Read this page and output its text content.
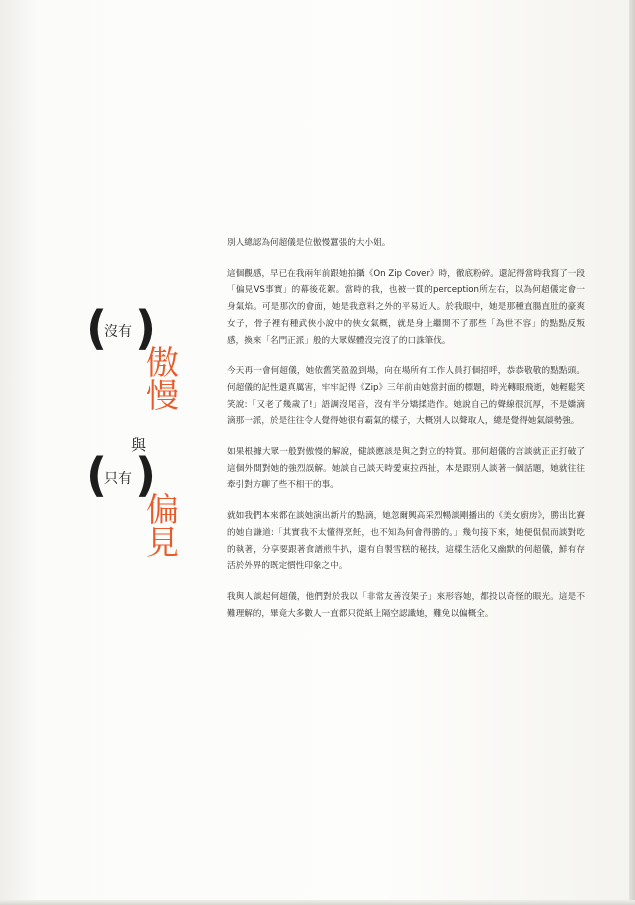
(
沒有 )
傲慢
與
(
只有 )
偏見

別人總認為何超儀是位傲慢囂張的大小姐。

這個觀感，早已在我兩年前跟她拍攝《On Zip Cover》時，徹底粉碎。還記得當時我寫了一段「偏見VS事實」的幕後花絮。當時的我，也被一貫的perception所左右，以為何超儀定會一身氣焰。可是那次的會面，她是我意料之外的平易近人。於我眼中，她是那種直腸直肚的豪爽女子，骨子裡有種武俠小說中的俠女氣概，就是身上繼開不了那些「為世不容」的點點反叛感，換來「名門正派」般的大眾媒體沒完沒了的口誅筆伐。

今天再一會何超儀，她依舊笑盈盈到場，向在場所有工作人員打個招呼，恭恭敬敬的點點頭。何超儀的記性還真厲害，牢牢記得《Zip》三年前由她當封面的標題，時光轉眼飛逝，她輕鬆笑笑說:「又老了幾歲了!」語調沒尾音，沒有半分矯揉造作。她說自己的聲線很沉厚，不是嬌滴滴那一派，於是往往令人覺得她很有霸氣的樣子，大概別人以聲取人，總是覺得她氣燄勢強。

如果根據大眾一般對傲慢的解說，健談應該是與之對立的特質。那何超儀的言談就正正打破了這個外間對她的強烈誤解。她談自己談天時愛東拉西扯，本是跟別人談著一個話題，她就往往牽引對方聊了些不相干的事。

就如我們本來都在談她演出新片的點滴，她忽爾興高采烈暢談剛播出的《美女廚房》，勝出比賽的她自謙道:「其實我不太懂得烹飪，也不知為何會得勝的。」幾句接下來，她便侃侃而談對吃的執著，分享要跟著食譜煎牛扒，還有自製雪糕的秘技，這樣生活化又幽默的何超儀，鮮有存活於外界的既定慣性印象之中。

我與人談起何超儀，他們對於我以「非常友善沒架子」來形容她，都投以奇怪的眼光。這是不難理解的，畢竟大多數人一直都只從紙上隔空認識她，難免以偏概全。
